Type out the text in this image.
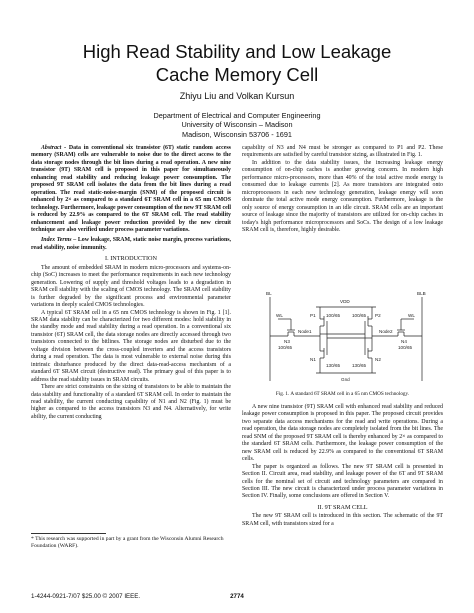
High Read Stability and Low Leakage
Cache Memory Cell
Zhiyu Liu and Volkan Kursun
Department of Electrical and Computer Engineering
University of Wisconsin – Madison
Madison, Wisconsin 53706 - 1691

Abstract - Data in conventional six transistor (6T) static random access memory (SRAM) cells are vulnerable to noise due to the direct access to the data storage nodes through the bit lines during a read operation. A new nine transistor (9T) SRAM cell is proposed in this paper for simultaneously enhancing read stability and reducing leakage power consumption. The proposed 9T SRAM cell isolates the data from the bit lines during a read operation. The read static-noise-margin (SNM) of the proposed circuit is enhanced by 2× as compared to a standard 6T SRAM cell in a 65 nm CMOS technology. Furthermore, leakage power consumption of the new 9T SRAM cell is reduced by 22.9% as compared to the 6T SRAM cell. The read stability enhancement and leakage power reduction provided by the new circuit technique are also verified under process parameter variations.

Index Terms – Low leakage, SRAM, static noise margin, process variations, read stability, noise immunity.

I. INTRODUCTION

The amount of embedded SRAM in modern micro-processors and systems-on-chip (SoC) increases to meet the performance requirements in each new technology generation. Lowering of supply and threshold voltages leads to a degradation in SRAM cell stability with the scaling of CMOS technology. The SRAM cell stability is further degraded by the significant process and environmental parameter variations in deeply scaled CMOS technologies.

A typical 6T SRAM cell in a 65 nm CMOS technology is shown in Fig. 1 [1]. SRAM data stability can be characterized for two different modes: hold stability in the standby mode and read stability during a read operation. In a conventional six transistor (6T) SRAM cell, the data storage nodes are directly accessed through two transistors connected to the bitlines. The storage nodes are disturbed due to the voltage division between the cross-coupled inverters and the access transistors during a read operation. The data is most vulnerable to external noise during this intrinsic disturbance produced by the direct data-read-access mechanism of a standard 6T SRAM circuit (destructive read). The primary goal of this paper is to address the read stability issues in SRAM circuits.

There are strict constraints on the sizing of transistors to be able to maintain the data stability and functionality of a standard 6T SRAM cell. In order to maintain the read stability, the current conducting capability of N1 and N2 (Fig. 1) must be higher as compared to the access transistors N3 and N4. Alternatively, for write ability, the current conducting

* This research was supported in part by a grant from the Wisconsin Alumni Research Foundation (WARF).

capability of N3 and N4 must be stronger as compared to P1 and P2. These requirements are satisfied by careful transistor sizing, as illustrated in Fig. 1.

In addition to the data stability issues, the increasing leakage energy consumption of on-chip caches is another growing concern. In modern high performance micro-processors, more than 40% of the total active mode energy is consumed due to leakage currents [2]. As more transistors are integrated onto microprocessors in each new technology generation, leakage energy will soon dominate the total active mode energy consumption. Furthermore, leakage is the only source of energy consumption in an idle circuit. SRAM cells are an important source of leakage since the majority of transistors are utilized for on-chip caches in today's high performance microprocessors and SoCs. The design of a low leakage SRAM cell is, therefore, highly desirable.

BL	BLB
VDD
Gnd
WL	WL
P1	P2
N1	N2
N3	N4
Node1	Node2
100/65	100/65
100/65	100/65
130/65	130/65
Fig. 1. A standard 6T SRAM cell in a 65 nm CMOS technology.

A new nine transistor (9T) SRAM cell with enhanced read stability and reduced leakage power consumption is proposed in this paper. The proposed circuit provides two separate data access mechanisms for the read and write operations. During a read operation, the data storage nodes are completely isolated from the bit lines. The read SNM of the proposed 9T SRAM cell is thereby enhanced by 2× as compared to the standard 6T SRAM cells. Furthermore, the leakage power consumption of the new SRAM cell is reduced by 22.9% as compared to the conventional 6T SRAM cells.

The paper is organized as follows. The new 9T SRAM cell is presented in Section II. Circuit area, read stability, and leakage power of the 6T and 9T SRAM cells for the nominal set of circuit and technology parameters are compared in Section III. The new circuit is characterized under process parameter variations in Section IV. Finally, some conclusions are offered in Section V.

II. 9T SRAM CELL

The new 9T SRAM cell is introduced in this section. The schematic of the 9T SRAM cell, with transistors sized for a

1-4244-0921-7/07 $25.00 © 2007 IEEE.	2774
